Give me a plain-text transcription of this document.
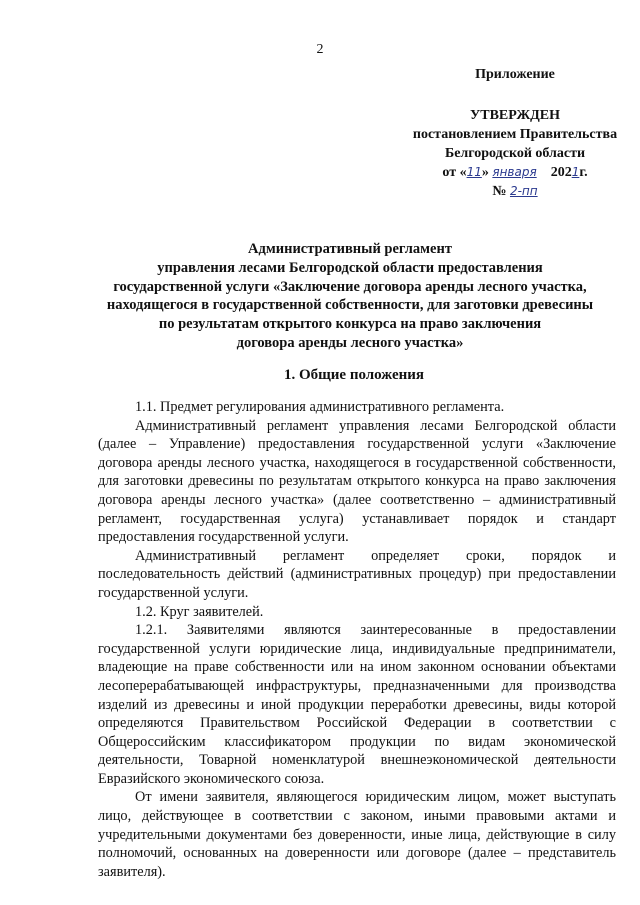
2
Приложение
УТВЕРЖДЕН
постановлением Правительства
Белгородской области
от «11» января 2021г.
№ 2-пп
Административный регламент
управления лесами Белгородской области предоставления
государственной услуги «Заключение договора аренды лесного участка,
находящегося в государственной собственности, для заготовки древесины
по результатам открытого конкурса на право заключения
договора аренды лесного участка»
1. Общие положения

1.1. Предмет регулирования административного регламента.

Административный регламент управления лесами Белгородской области (далее – Управление) предоставления государственной услуги «Заключение договора аренды лесного участка, находящегося в государственной собственности, для заготовки древесины по результатам открытого конкурса на право заключения договора аренды лесного участка» (далее соответственно – административный регламент, государственная услуга) устанавливает порядок и стандарт предоставления государственной услуги.

Административный регламент определяет сроки, порядок и последовательность действий (административных процедур) при предоставлении государственной услуги.

1.2. Круг заявителей.

1.2.1. Заявителями являются заинтересованные в предоставлении государственной услуги юридические лица, индивидуальные предприниматели, владеющие на праве собственности или на ином законном основании объектами лесоперерабатывающей инфраструктуры, предназначенными для производства изделий из древесины и иной продукции переработки древесины, виды которой определяются Правительством Российской Федерации в соответствии с Общероссийским классификатором продукции по видам экономической деятельности, Товарной номенклатурой внешнеэкономической деятельности Евразийского экономического союза.

От имени заявителя, являющегося юридическим лицом, может выступать лицо, действующее в соответствии с законом, иными правовыми актами и учредительными документами без доверенности, иные лица, действующие в силу полномочий, основанных на доверенности или договоре (далее – представитель заявителя).
